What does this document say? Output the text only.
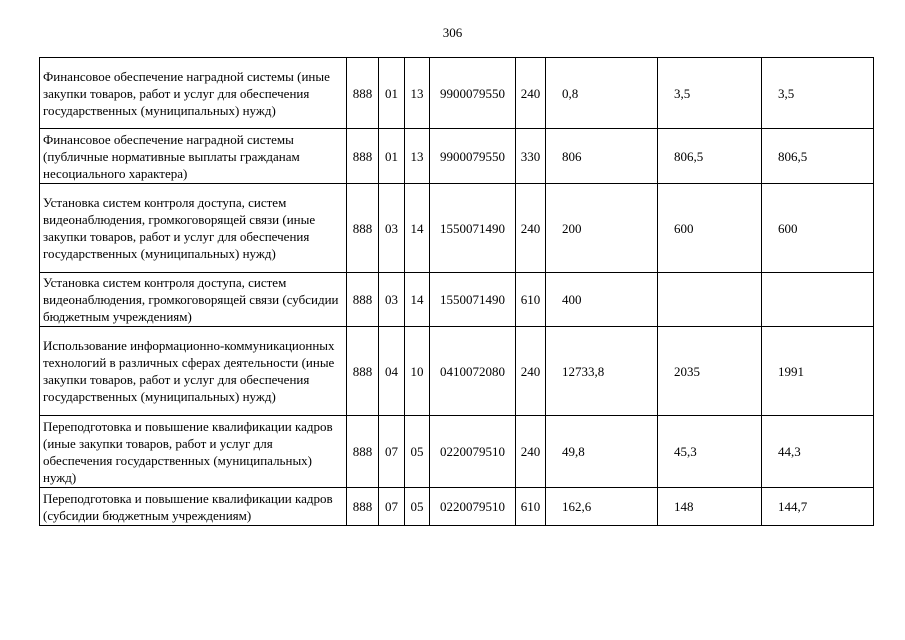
306
Финансовое обеспечение наградной системы (иные закупки товаров, работ и услуг для обеспечения государственных (муниципальных) нужд)	888	01	13	9900079550	240	0,8	3,5	3,5
Финансовое обеспечение наградной системы (публичные нормативные выплаты гражданам несоциального характера)	888	01	13	9900079550	330	806	806,5	806,5
Установка систем контроля доступа, систем видеонаблюдения, громкоговорящей связи (иные закупки товаров, работ и услуг для обеспечения государственных (муниципальных) нужд)	888	03	14	1550071490	240	200	600	600
Установка систем контроля доступа, систем видеонаблюдения, громкоговорящей связи (субсидии бюджетным учреждениям)	888	03	14	1550071490	610	400		
Использование информационно-коммуникационных технологий в различных сферах деятельности (иные закупки товаров, работ и услуг для обеспечения государственных (муниципальных) нужд)	888	04	10	0410072080	240	12733,8	2035	1991
Переподготовка и повышение квалификации кадров (иные закупки товаров, работ и услуг для обеспечения государственных (муниципальных) нужд)	888	07	05	0220079510	240	49,8	45,3	44,3
Переподготовка и повышение квалификации кадров (субсидии бюджетным учреждениям)	888	07	05	0220079510	610	162,6	148	144,7
